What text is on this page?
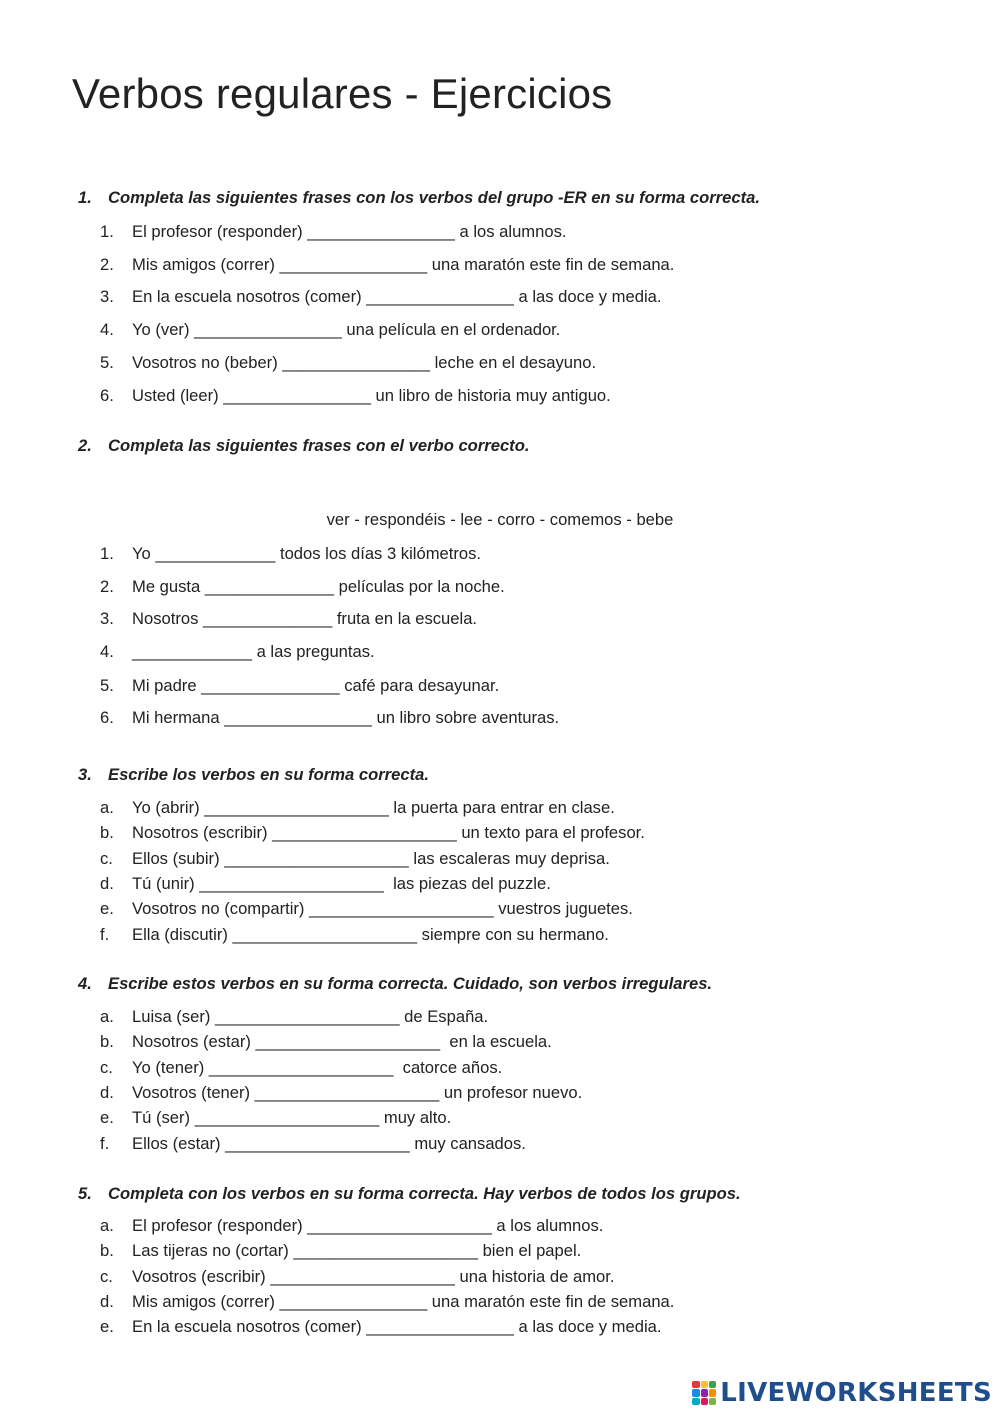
Verbos regulares - Ejercicios

1. Completa las siguientes frases con los verbos del grupo -ER en su forma correcta.

1. El profesor (responder) ________________ a los alumnos.

2. Mis amigos (correr) ________________ una maratón este fin de semana.

3. En la escuela nosotros (comer) ________________ a las doce y media.

4. Yo (ver) ________________ una película en el ordenador.

5. Vosotros no (beber) ________________ leche en el desayuno.

6. Usted (leer) ________________ un libro de historia muy antiguo.

2. Completa las siguientes frases con el verbo correcto.

ver - respondéis - lee - corro - comemos - bebe

1. Yo _____________ todos los días 3 kilómetros.

2. Me gusta ______________ películas por la noche.

3. Nosotros ______________ fruta en la escuela.

4. _____________ a las preguntas.

5. Mi padre _______________ café para desayunar.

6. Mi hermana ________________ un libro sobre aventuras.

3. Escribe los verbos en su forma correcta.

a. Yo (abrir) ____________________ la puerta para entrar en clase.

b. Nosotros (escribir) ____________________ un texto para el profesor.

c. Ellos (subir) ____________________ las escaleras muy deprisa.

d. Tú (unir) ____________________  las piezas del puzzle.

e. Vosotros no (compartir) ____________________ vuestros juguetes.

f. Ella (discutir) ____________________ siempre con su hermano.

4. Escribe estos verbos en su forma correcta. Cuidado, son verbos irregulares.

a. Luisa (ser) ____________________ de España.

b. Nosotros (estar) ____________________  en la escuela.

c. Yo (tener) ____________________  catorce años.

d. Vosotros (tener) ____________________ un profesor nuevo.

e. Tú (ser) ____________________ muy alto.

f. Ellos (estar) ____________________ muy cansados.

5. Completa con los verbos en su forma correcta. Hay verbos de todos los grupos.

a. El profesor (responder) ____________________ a los alumnos.

b. Las tijeras no (cortar) ____________________ bien el papel.

c. Vosotros (escribir) ____________________ una historia de amor.

d. Mis amigos (correr) ________________ una maratón este fin de semana.

e. En la escuela nosotros (comer) ________________ a las doce y media.

LIVEWORKSHEETS
